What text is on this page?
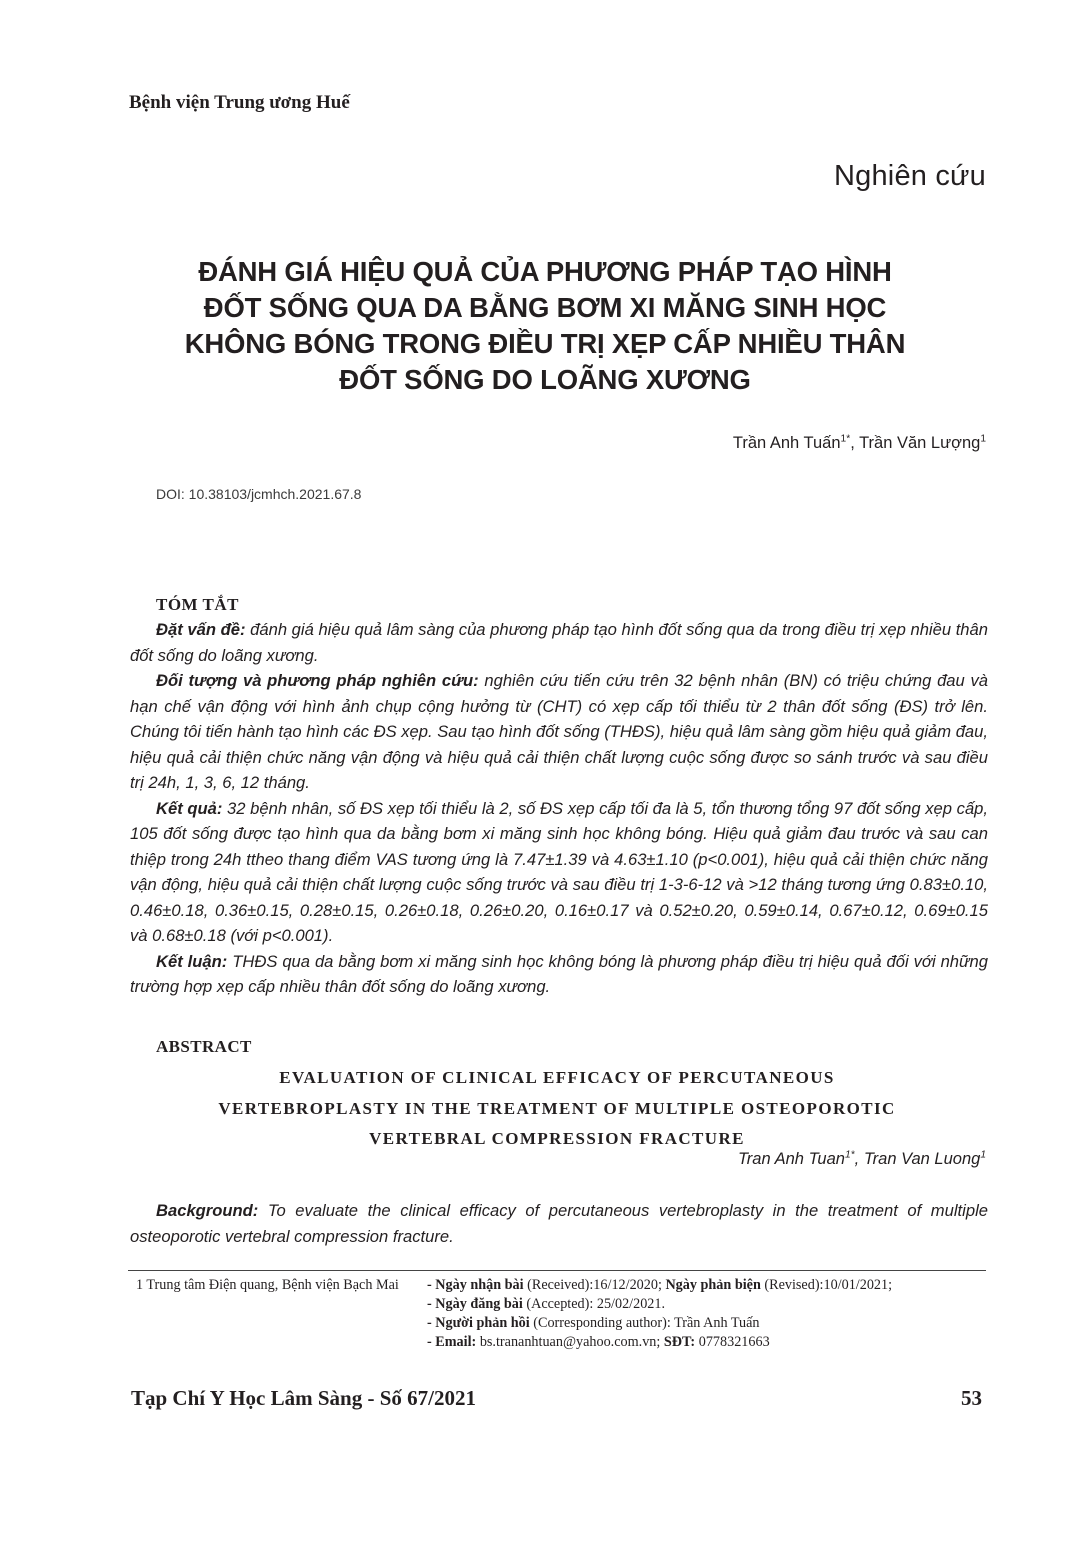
Bệnh viện Trung ương Huế
Nghiên cứu
ĐÁNH GIÁ HIỆU QUẢ CỦA PHƯƠNG PHÁP TẠO HÌNH
ĐỐT SỐNG QUA DA BẰNG BƠM XI MĂNG SINH HỌC
KHÔNG BÓNG TRONG ĐIỀU TRỊ XẸP CẤP NHIỀU THÂN
ĐỐT SỐNG DO LOÃNG XƯƠNG
Trần Anh Tuấn$^{1*}$, Trần Văn Lượng$^1$
DOI: 10.38103/jcmhch.2021.67.8
TÓM TẮT

Đặt vấn đề: đánh giá hiệu quả lâm sàng của phương pháp tạo hình đốt sống qua da trong điều trị xẹp nhiều thân đốt sống do loãng xương.

Đối tượng và phương pháp nghiên cứu: nghiên cứu tiến cứu trên 32 bệnh nhân (BN) có triệu chứng đau và hạn chế vận động với hình ảnh chụp cộng hưởng từ (CHT) có xẹp cấp tối thiểu từ 2 thân đốt sống (ĐS) trở lên. Chúng tôi tiến hành tạo hình các ĐS xẹp. Sau tạo hình đốt sống (THĐS), hiệu quả lâm sàng gồm hiệu quả giảm đau, hiệu quả cải thiện chức năng vận động và hiệu quả cải thiện chất lượng cuộc sống được so sánh trước và sau điều trị 24h, 1, 3, 6, 12 tháng.

Kết quả: 32 bệnh nhân, số ĐS xẹp tối thiểu là 2, số ĐS xẹp cấp tối đa là 5, tổn thương tổng 97 đốt sống xẹp cấp, 105 đốt sống được tạo hình qua da bằng bơm xi măng sinh học không bóng. Hiệu quả giảm đau trước và sau can thiệp trong 24h ttheo thang điểm VAS tương ứng là 7.47±1.39 và 4.63±1.10 (p<0.001), hiệu quả cải thiện chức năng vận động, hiệu quả cải thiện chất lượng cuộc sống trước và sau điều trị 1-3-6-12 và >12 tháng tương ứng 0.83±0.10, 0.46±0.18, 0.36±0.15, 0.28±0.15, 0.26±0.18, 0.26±0.20, 0.16±0.17 và 0.52±0.20, 0.59±0.14, 0.67±0.12, 0.69±0.15 và 0.68±0.18 (với p<0.001).

Kết luận: THĐS qua da bằng bơm xi măng sinh học không bóng là phương pháp điều trị hiệu quả đối với những trường hợp xẹp cấp nhiều thân đốt sống do loãng xương.

ABSTRACT
EVALUATION OF CLINICAL EFFICACY OF PERCUTANEOUS
VERTEBROPLASTY IN THE TREATMENT OF MULTIPLE OSTEOPOROTIC
VERTEBRAL COMPRESSION FRACTURE
Tran Anh Tuan$^{1*}$, Tran Van Luong$^1$

Background: To evaluate the clinical efficacy of percutaneous vertebroplasty in the treatment of multiple osteoporotic vertebral compression fracture.

1 Trung tâm Điện quang, Bệnh viện Bạch Mai	- Ngày nhận bài (Received):16/12/2020; Ngày phản biện (Revised):10/01/2021;
- Ngày đăng bài (Accepted): 25/02/2021.
- Người phản hồi (Corresponding author): Trần Anh Tuấn
- Email: bs.trananhtuan@yahoo.com.vn; SĐT: 0778321663
Tạp Chí Y Học Lâm Sàng - Số 67/2021	53
